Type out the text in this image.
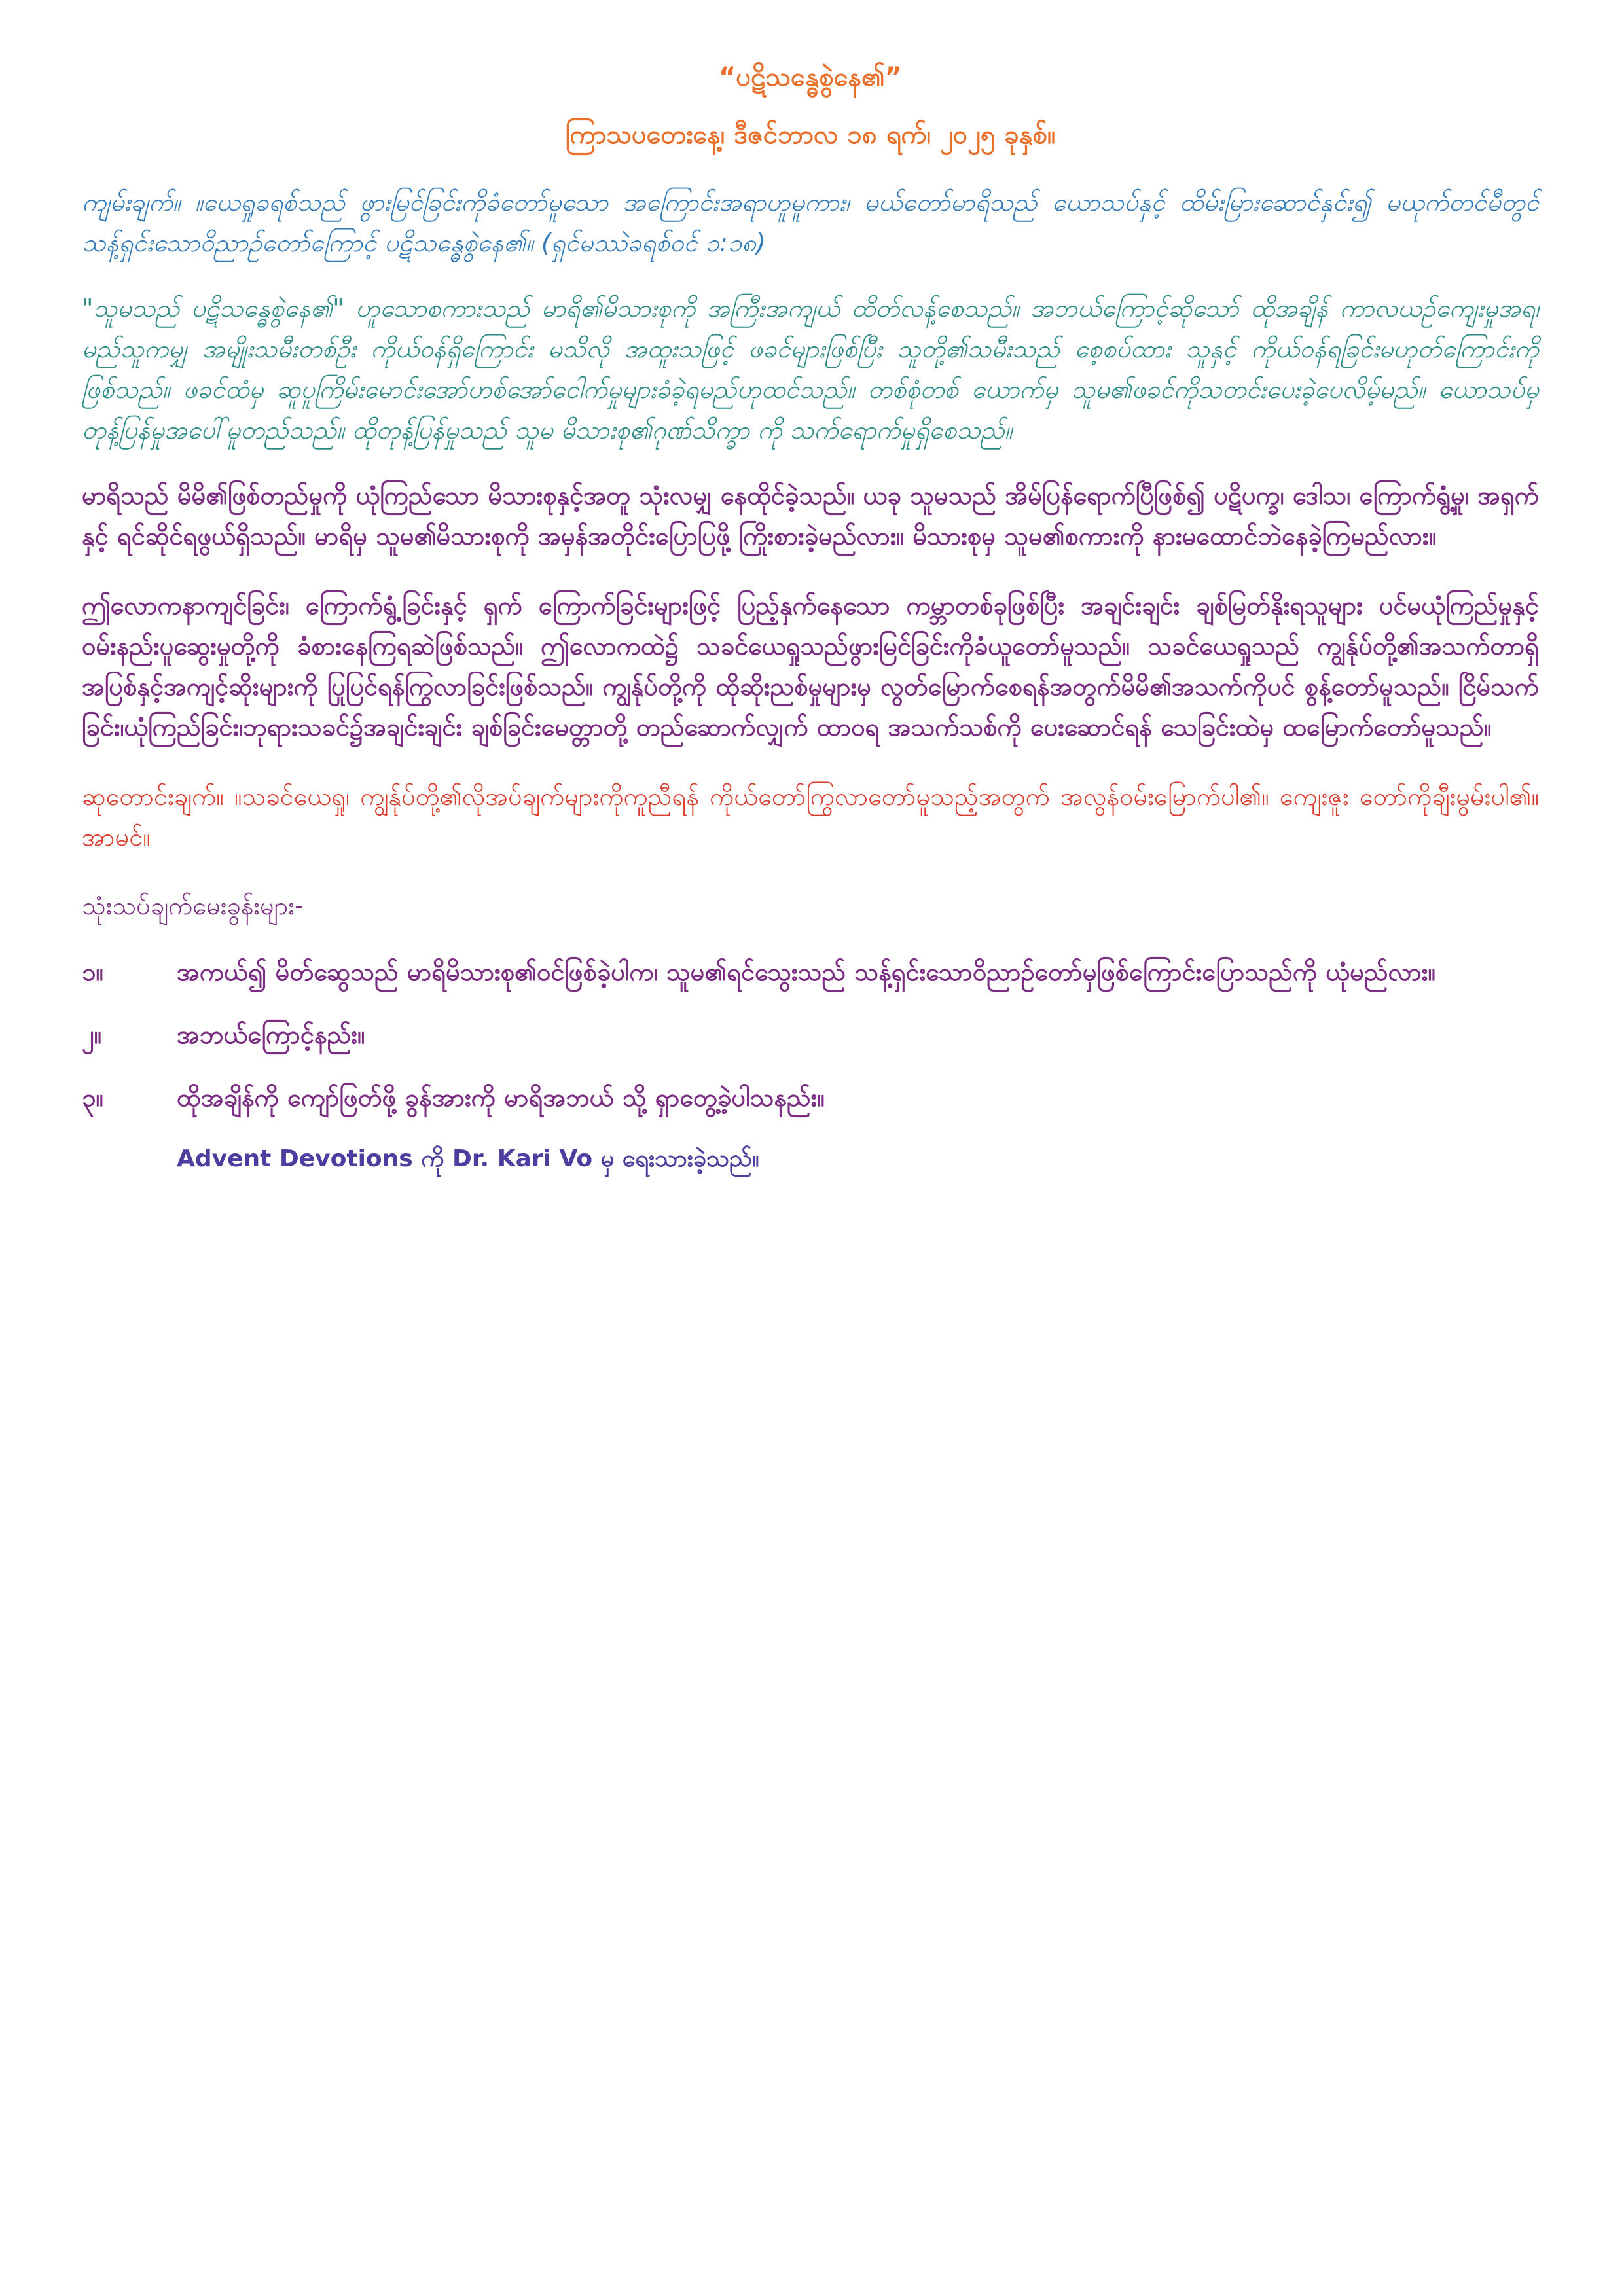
“ပဋိသန္ဓေစွဲနေ၏”
ကြာသပတေးနေ့၊ ဒီဇင်ဘာလ ၁၈ ရက်၊ ၂၀၂၅ ခုနှစ်။

ကျမ်းချက်။ ။ယေရှုခရစ်သည် ဖွားမြင်ခြင်းကိုခံတော်မူသော အကြောင်းအရာဟူမူကား၊ မယ်တော်မာရိသည် ယောသပ်နှင့် ထိမ်းမြားဆောင်နှင်း၍ မယုက်တင်မီတွင် သန့်ရှင်းသောဝိညာဉ်တော်ကြောင့် ပဋိသန္ဓေစွဲနေ၏။ (ရှင်မဿဲခရစ်ဝင် ၁:၁၈)

"သူမသည် ပဋိသန္ဓေစွဲနေ၏" ဟူသောစကားသည် မာရိ၏မိသားစုကို အကြီးအကျယ် ထိတ်လန့်စေသည်။ အဘယ်ကြောင့်ဆိုသော် ထိုအချိန် ကာလယဉ်ကျေးမှုအရ၊ မည်သူကမျှ အမျိုးသမီးတစ်ဦး ကိုယ်ဝန်ရှိကြောင်း မသိလို အထူးသဖြင့် ဖခင်များဖြစ်ပြီး သူတို့၏သမီးသည် စေ့စပ်ထား သူနှင့် ကိုယ်ဝန်ရခြင်းမဟုတ်ကြောင်းကိုဖြစ်သည်။ ဖခင်ထံမှ ဆူပူကြိမ်းမောင်းအော်ဟစ်အော်ငေါက်မှုများခံခဲ့ရမည်ဟုထင်သည်။ တစ်စုံတစ် ယောက်မှ သူမ၏ဖခင်ကိုသတင်းပေးခဲ့ပေလိမ့်မည်။ ယောသပ်မှ တုန့်ပြန်မှုအပေါ်မူတည်သည်။ ထိုတုန့်ပြန်မှုသည် သူမ မိသားစု၏ဂုဏ်သိက္ခာ ကို သက်ရောက်မှုရှိစေသည်။

မာရိသည် မိမိ၏ဖြစ်တည်မှုကို ယုံကြည်သော မိသားစုနှင့်အတူ သုံးလမျှ နေထိုင်ခဲ့သည်။ ယခု သူမသည် အိမ်ပြန်ရောက်ပြီဖြစ်၍ ပဋိပက္ခ၊ ဒေါသ၊ ကြောက်ရွံ့မှု၊ အရှက်နှင့် ရင်ဆိုင်ရဖွယ်ရှိသည်။ မာရိမှ သူမ၏မိသားစုကို အမှန်အတိုင်းပြောပြဖို့ ကြိုးစားခဲ့မည်လား။ မိသားစုမှ သူမ၏စကားကို နားမထောင်ဘဲနေခဲ့ကြမည်လား။

ဤလောကနာကျင်ခြင်း၊ ကြောက်ရွံ့ခြင်းနှင့် ရှက် ကြောက်ခြင်းများဖြင့် ပြည့်နှက်နေသော ကမ္ဘာတစ်ခုဖြစ်ပြီး အချင်းချင်း ချစ်မြတ်နိုးရသူများ ပင်မယုံကြည်မှုနှင့် ဝမ်းနည်းပူဆွေးမှုတို့ကို ခံစားနေကြရဆဲဖြစ်သည်။ ဤလောကထဲ၌ သခင်ယေရှုသည်ဖွားမြင်ခြင်းကိုခံယူတော်မူသည်။ သခင်ယေရှုသည် ကျွန်ုပ်တို့၏အသက်တာရှိ အပြစ်နှင့်အကျင့်ဆိုးများကို ပြုပြင်ရန်ကြွလာခြင်းဖြစ်သည်။ ကျွန်ုပ်တို့ကို ထိုဆိုးညစ်မှုများမှ လွတ်မြောက်စေရန်အတွက်မိမိ၏အသက်ကိုပင် စွန့်တော်မူသည်။ ငြိမ်သက်ခြင်း၊ယုံကြည်ခြင်း၊ဘုရားသခင်၌အချင်းချင်း ချစ်ခြင်းမေတ္တာတို့ တည်ဆောက်လျှက် ထာဝရ အသက်သစ်ကို ပေးဆောင်ရန် သေခြင်းထဲမှ ထမြောက်တော်မူသည်။

ဆုတောင်းချက်။ ။သခင်ယေရှု၊ ကျွန်ုပ်တို့၏လိုအပ်ချက်များကိုကူညီရန် ကိုယ်တော်ကြွလာတော်မူသည့်အတွက် အလွန်ဝမ်းမြောက်ပါ၏။ ကျေးဇူး တော်ကိုချီးမွမ်းပါ၏။ အာမင်။

သုံးသပ်ချက်မေးခွန်းများ-
၁။	အကယ်၍ မိတ်ဆွေသည် မာရိမိသားစု၏ဝင်ဖြစ်ခဲ့ပါက၊ သူမ၏ရင်သွေးသည် သန့်ရှင်းသောဝိညာဉ်တော်မှဖြစ်ကြောင်းပြောသည်ကို ယုံမည်လား။
၂။	အဘယ်ကြောင့်နည်း။
၃။	ထိုအချိန်ကို ကျော်ဖြတ်ဖို့ ခွန်အားကို မာရိအဘယ် သို့ ရှာတွေ့ခဲ့ပါသနည်း။
Advent Devotions ကို Dr. Kari Vo မှ ရေးသားခဲ့သည်။
